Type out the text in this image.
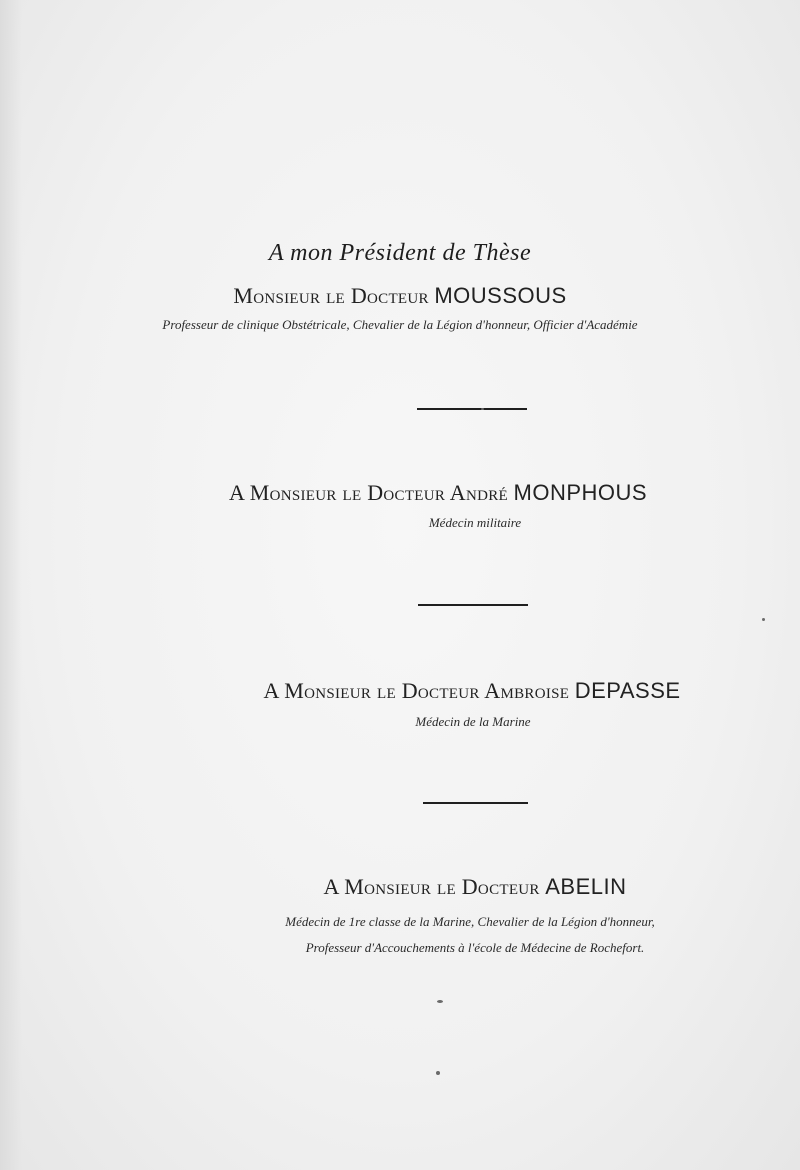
A mon Président de Thèse
Monsieur le Docteur MOUSSOUS
Professeur de clinique Obstétricale, Chevalier de la Légion d'honneur, Officier d'Académie
A Monsieur le Docteur André MONPHOUS
Médecin militaire
A Monsieur le Docteur Ambroise DEPASSE
Médecin de la Marine
A Monsieur le Docteur ABELIN
Médecin de 1re classe de la Marine, Chevalier de la Légion d'honneur,
Professeur d'Accouchements à l'école de Médecine de Rochefort.
